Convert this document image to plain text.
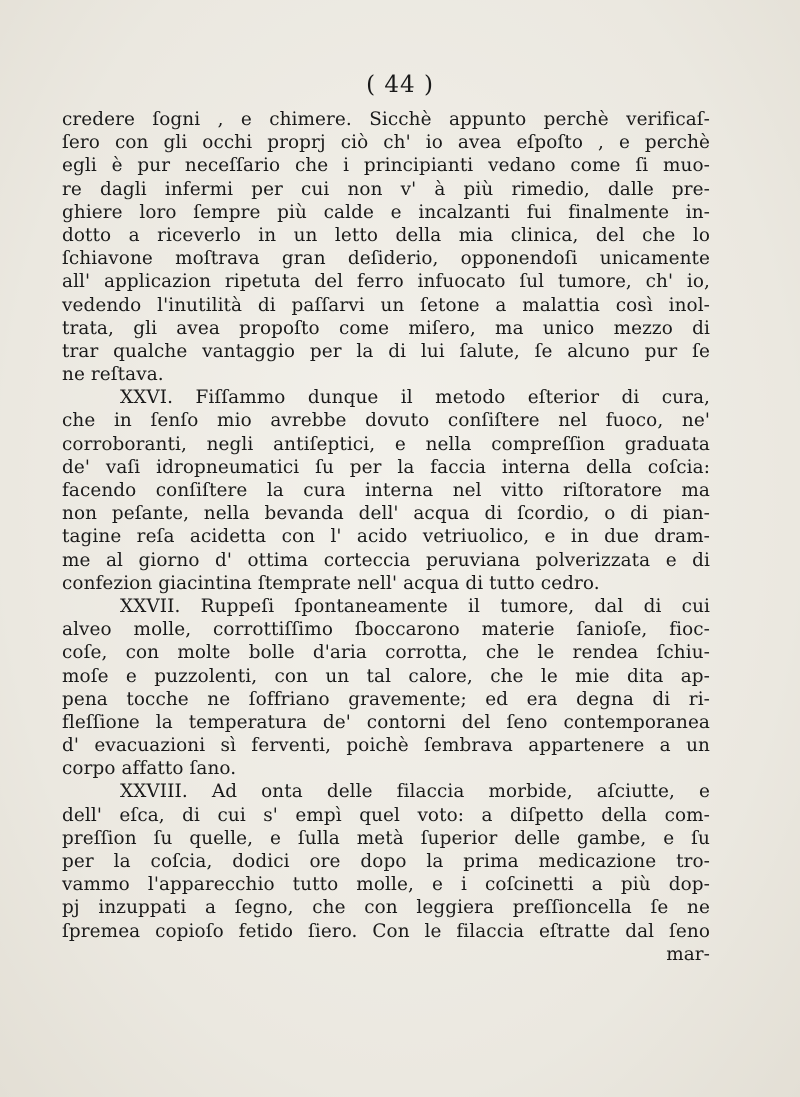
( 44 )
credere ſogni , e chimere. Sicchè appunto perchè verificaſ-
ſero con gli occhi proprj ciò ch' io avea eſpoſto , e perchè
egli è pur neceſſario che i principianti vedano come ſi muo-
re dagli infermi per cui non v' à più rimedio, dalle pre-
ghiere loro ſempre più calde e incalzanti fui finalmente in-
dotto a riceverlo in un letto della mia clinica, del che lo
ſchiavone moſtrava gran deſiderio, opponendoſi unicamente
all' applicazion ripetuta del ferro infuocato ſul tumore, ch' io,
vedendo l'inutilità di paſſarvi un ſetone a malattia così inol-
trata, gli avea propoſto come miſero, ma unico mezzo di
trar qualche vantaggio per la di lui ſalute, ſe alcuno pur ſe
ne reſtava.
XXVI. Fiſſammo dunque il metodo eſterior di cura,
che in ſenſo mio avrebbe dovuto conſiſtere nel fuoco, ne'
corroboranti, negli antiſeptici, e nella compreſſion graduata
de' vaſi idropneumatici ſu per la faccia interna della coſcia:
facendo conſiſtere la cura interna nel vitto riſtoratore ma
non peſante, nella bevanda dell' acqua di ſcordio, o di pian-
tagine reſa acidetta con l' acido vetriuolico, e in due dram-
me al giorno d' ottima corteccia peruviana polverizzata e di
confezion giacintina ſtemprate nell' acqua di tutto cedro.
XXVII. Ruppeſi ſpontaneamente il tumore, dal di cui
alveo molle, corrottiſſimo ſboccarono materie ſanioſe, fioc-
coſe, con molte bolle d'aria corrotta, che le rendea ſchiu-
moſe e puzzolenti, con un tal calore, che le mie dita ap-
pena tocche ne ſoffriano gravemente; ed era degna di ri-
fleſſione la temperatura de' contorni del ſeno contemporanea
d' evacuazioni sì ferventi, poichè ſembrava appartenere a un
corpo affatto ſano.
XXVIII. Ad onta delle filaccia morbide, aſciutte, e
dell' eſca, di cui s' empì quel voto: a diſpetto della com-
preſſion ſu quelle, e ſulla metà ſuperior delle gambe, e ſu
per la coſcia, dodici ore dopo la prima medicazione tro-
vammo l'apparecchio tutto molle, e i coſcinetti a più dop-
pj inzuppati a ſegno, che con leggiera preſſioncella ſe ne
ſpremea copioſo fetido ſiero. Con le filaccia eſtratte dal ſeno
mar-
